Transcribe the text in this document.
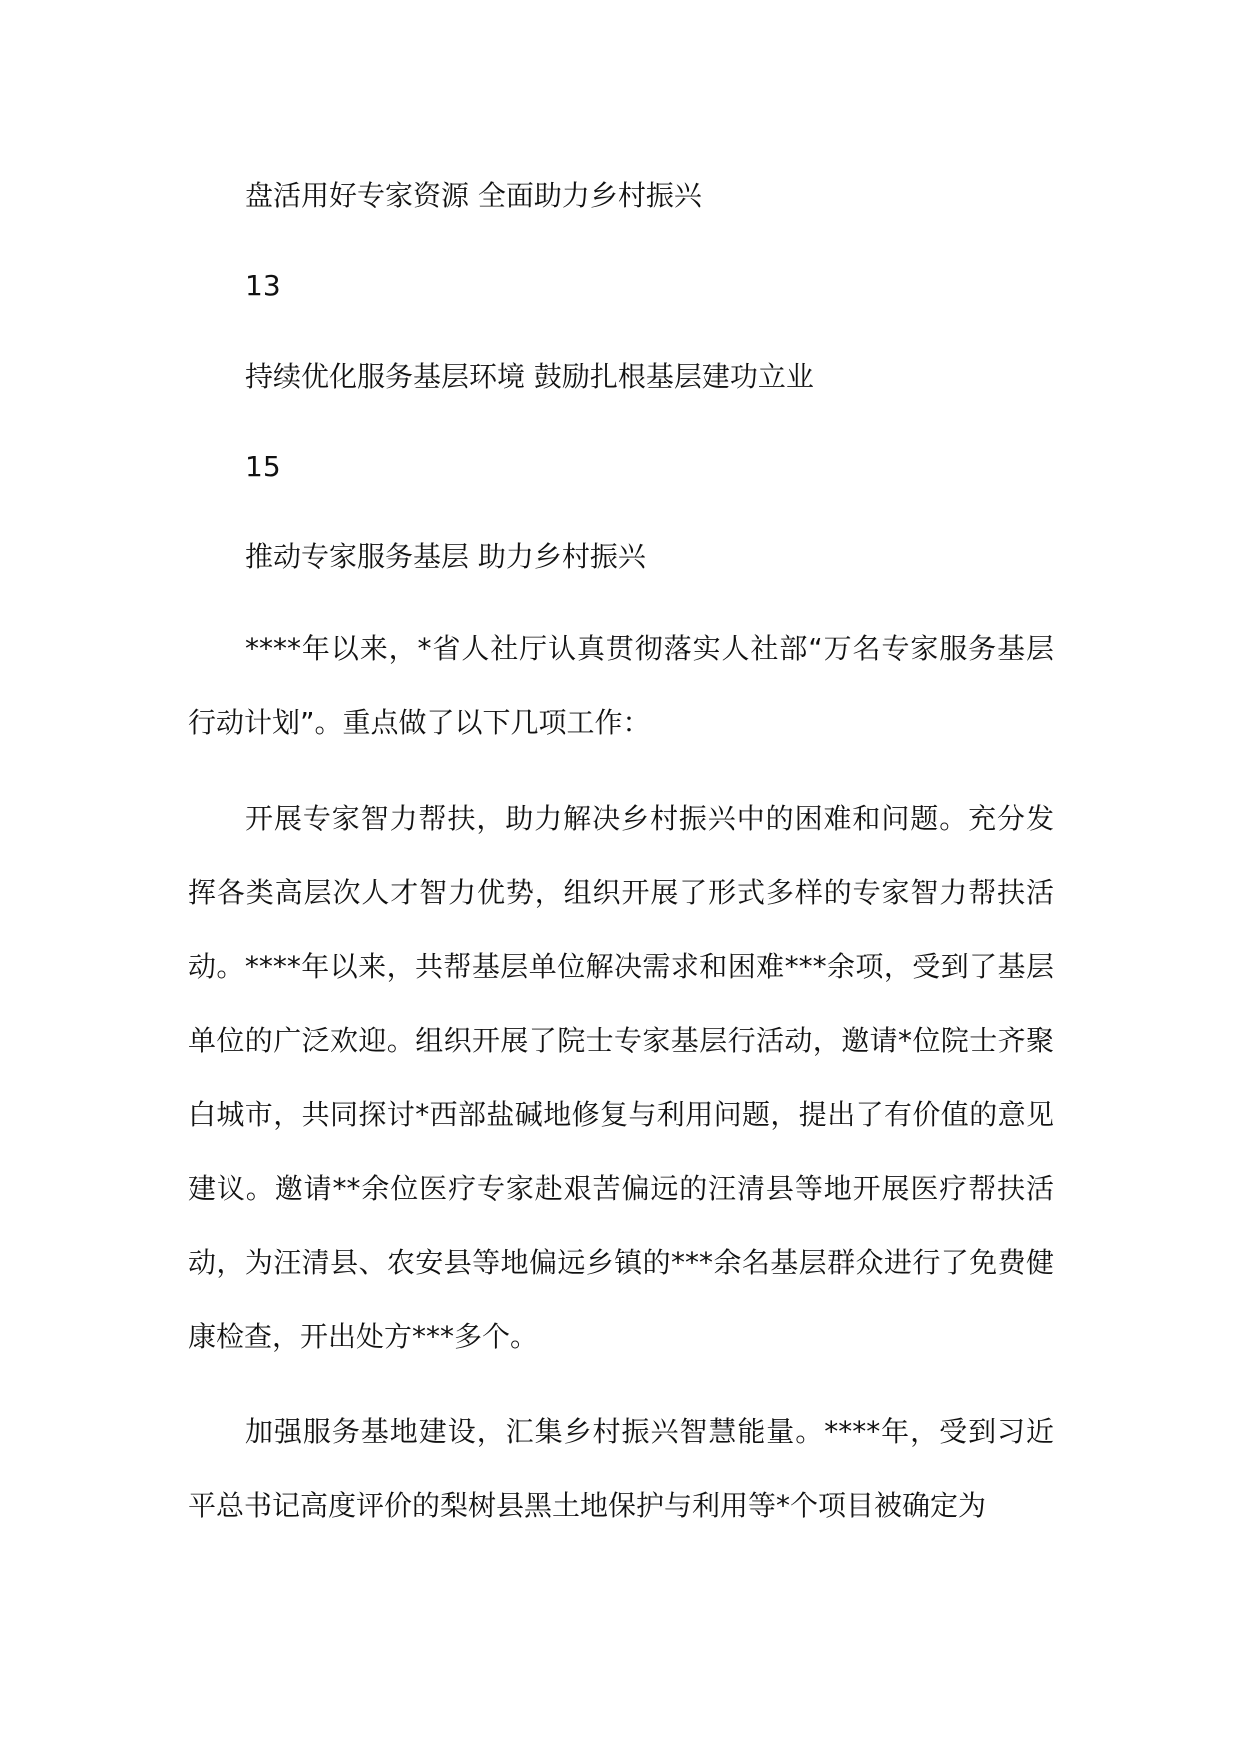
盘活用好专家资源 全面助力乡村振兴
13
持续优化服务基层环境 鼓励扎根基层建功立业
15
推动专家服务基层 助力乡村振兴

****年以来，*省人社厅认真贯彻落实人社部“万名专家服务基层行动计划”。重点做了以下几项工作：

开展专家智力帮扶，助力解决乡村振兴中的困难和问题。充分发挥各类高层次人才智力优势，组织开展了形式多样的专家智力帮扶活动。****年以来，共帮基层单位解决需求和困难***余项，受到了基层单位的广泛欢迎。组织开展了院士专家基层行活动，邀请*位院士齐聚白城市，共同探讨*西部盐碱地修复与利用问题，提出了有价值的意见建议。邀请**余位医疗专家赴艰苦偏远的汪清县等地开展医疗帮扶活动，为汪清县、农安县等地偏远乡镇的***余名基层群众进行了免费健康检查，开出处方***多个。

加强服务基地建设，汇集乡村振兴智慧能量。****年，受到习近平总书记高度评价的梨树县黑土地保护与利用等*个项目被确定为
